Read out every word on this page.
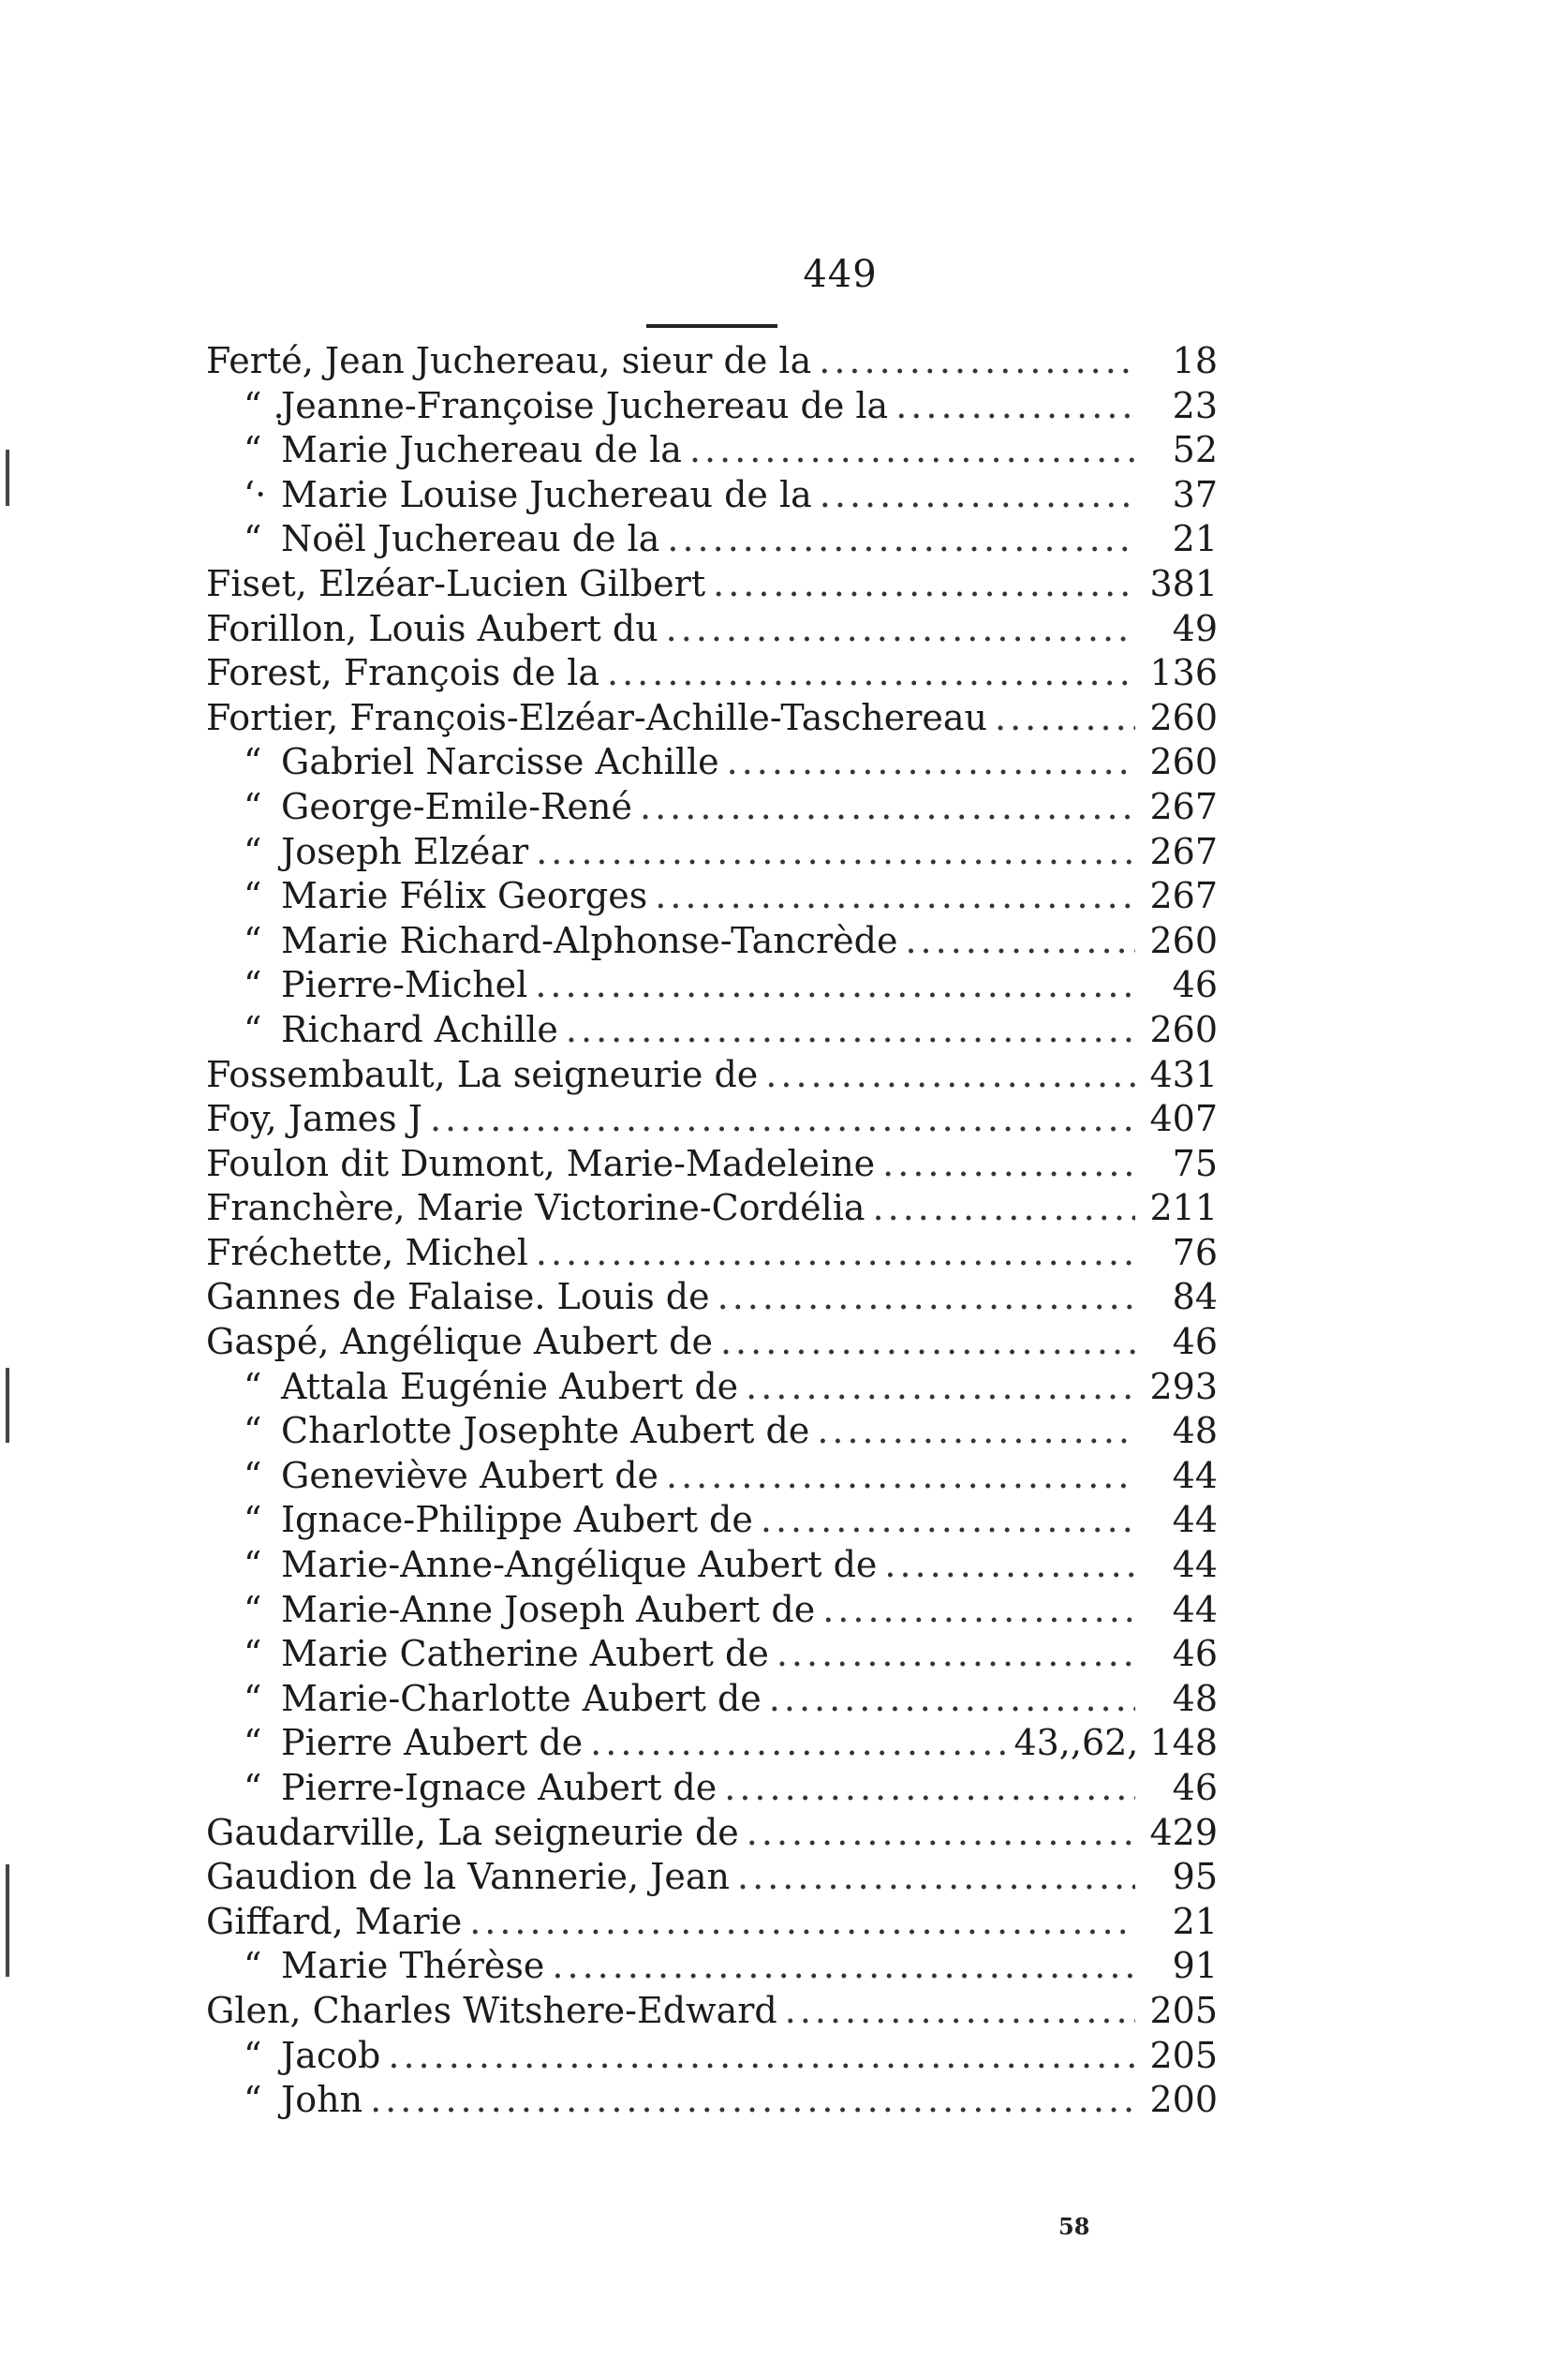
449
Ferté, Jean Juchereau, sieur de la .....	18
“ .
Jeanne-Françoise Juchereau de la .....	23
“ Marie Juchereau de la .....	52
‘· Marie Louise Juchereau de la .....	37
“ Noël Juchereau de la .....	21
Fiset, Elzéar-Lucien Gilbert .....	381
Forillon, Louis Aubert du .....	49
Forest, François de la .....	136
Fortier, François-Elzéar-Achille-Taschereau .....	260
“ Gabriel Narcisse Achille .....	260
“ George-Emile-René .....	267
“ Joseph Elzéar .....	267
“ Marie Félix Georges .....	267
“ Marie Richard-Alphonse-Tancrède .....	260
“ Pierre-Michel .....	46
“ Richard Achille .....	260
Fossembault, La seigneurie de .....	431
Foy, James J .....	407
Foulon dit Dumont, Marie-Madeleine .....	75
Franchère, Marie Victorine-Cordélia .....	211
Fréchette, Michel .....	76
Gannes de Falaise. Louis de .....	84
Gaspé, Angélique Aubert de .....	46
“ Attala Eugénie Aubert de .....	293
“ Charlotte Josephte Aubert de .....	48
“ Geneviève Aubert de .....	44
“ Ignace-Philippe Aubert de .....	44
“ Marie-Anne-Angélique Aubert de .....	44
“ Marie-Anne Joseph Aubert de .....	44
“ Marie Catherine Aubert de .....	46
“ Marie-Charlotte Aubert de .....	48
“ Pierre Aubert de .....	43,,62, 148
“ Pierre-Ignace Aubert de .....	46
Gaudarville, La seigneurie de .....	429
Gaudion de la Vannerie, Jean .....	95
Giffard, Marie .....	21
“ Marie Thérèse .....	91
Glen, Charles Witshere-Edward .....	205
“ Jacob .....	205
“ John .....	200
58
